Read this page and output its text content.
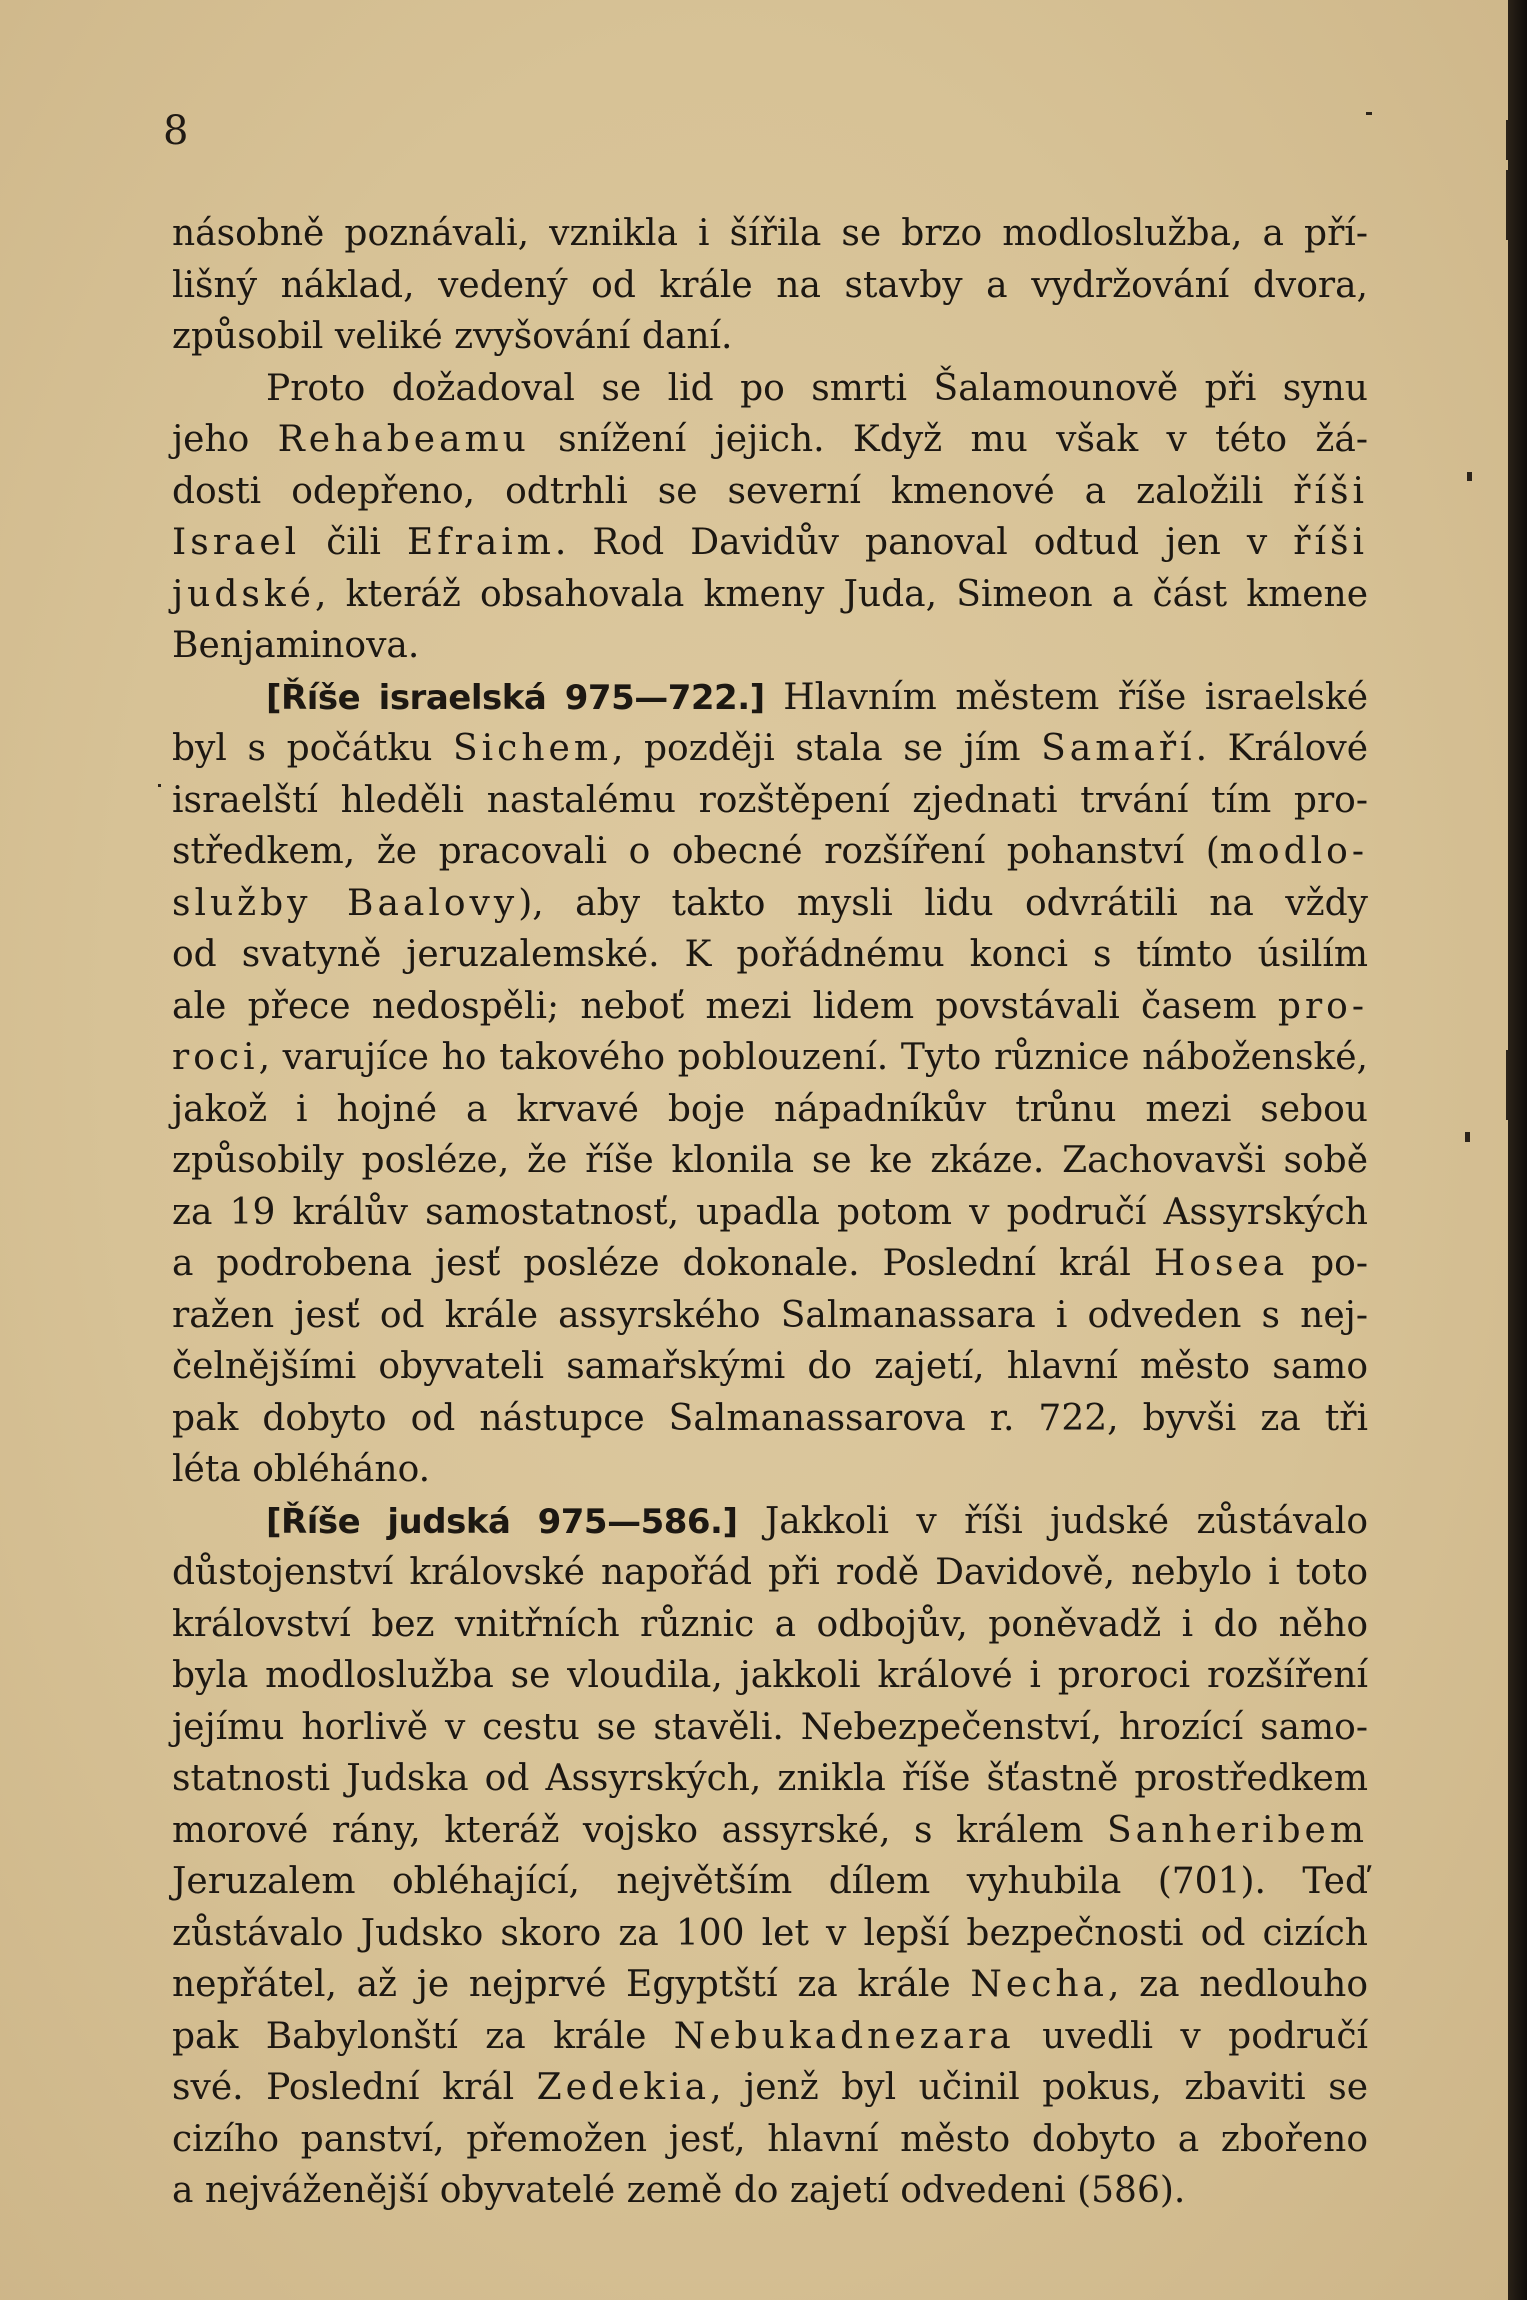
8
násobně poznávali, vznikla i šířila se brzo modloslužba, a pří-
lišný náklad, vedený od krále na stavby a vydržování dvora,
způsobil veliké zvyšování daní.
Proto dožadoval se lid po smrti Šalamounově při synu
jeho Rehabeamu snížení jejich. Když mu však v této žá-
dosti odepřeno, odtrhli se severní kmenové a založili říši
Israel čili Efraim. Rod Davidův panoval odtud jen v říši
judské, kteráž obsahovala kmeny Juda, Simeon a část kmene
Benjaminova.
[Říše israelská 975—722.] Hlavním městem říše israelské
byl s počátku Sichem, později stala se jím Samaří. Králové
israelští hleděli nastalému rozštěpení zjednati trvání tím pro-
středkem, že pracovali o obecné rozšíření pohanství (modlo-
služby Baalovy), aby takto mysli lidu odvrátili na vždy
od svatyně jeruzalemské. K pořádnému konci s tímto úsilím
ale přece nedospěli; neboť mezi lidem povstávali časem pro-
roci, varujíce ho takového poblouzení. Tyto různice náboženské,
jakož i hojné a krvavé boje nápadníkův trůnu mezi sebou
způsobily posléze, že říše klonila se ke zkáze. Zachovavši sobě
za 19 králův samostatnosť, upadla potom v područí Assyrských
a podrobena jesť posléze dokonale. Poslední král Hosea po-
ražen jesť od krále assyrského Salmanassara i odveden s nej-
čelnějšími obyvateli samařskými do zajetí, hlavní město samo
pak dobyto od nástupce Salmanassarova r. 722, byvši za tři
léta obléháno.
[Říše judská 975—586.] Jakkoli v říši judské zůstávalo
důstojenství královské napořád při rodě Davidově, nebylo i toto
království bez vnitřních různic a odbojův, poněvadž i do něho
byla modloslužba se vloudila, jakkoli králové i proroci rozšíření
jejímu horlivě v cestu se stavěli. Nebezpečenství, hrozící samo-
statnosti Judska od Assyrských, znikla říše šťastně prostředkem
morové rány, kteráž vojsko assyrské, s králem Sanheribem
Jeruzalem obléhající, největším dílem vyhubila (701). Teď
zůstávalo Judsko skoro za 100 let v lepší bezpečnosti od cizích
nepřátel, až je nejprvé Egyptští za krále Necha, za nedlouho
pak Babylonští za krále Nebukadnezara uvedli v područí
své. Poslední král Zedekia, jenž byl učinil pokus, zbaviti se
cizího panství, přemožen jesť, hlavní město dobyto a zbořeno
a nejváženější obyvatelé země do zajetí odvedeni (586).
